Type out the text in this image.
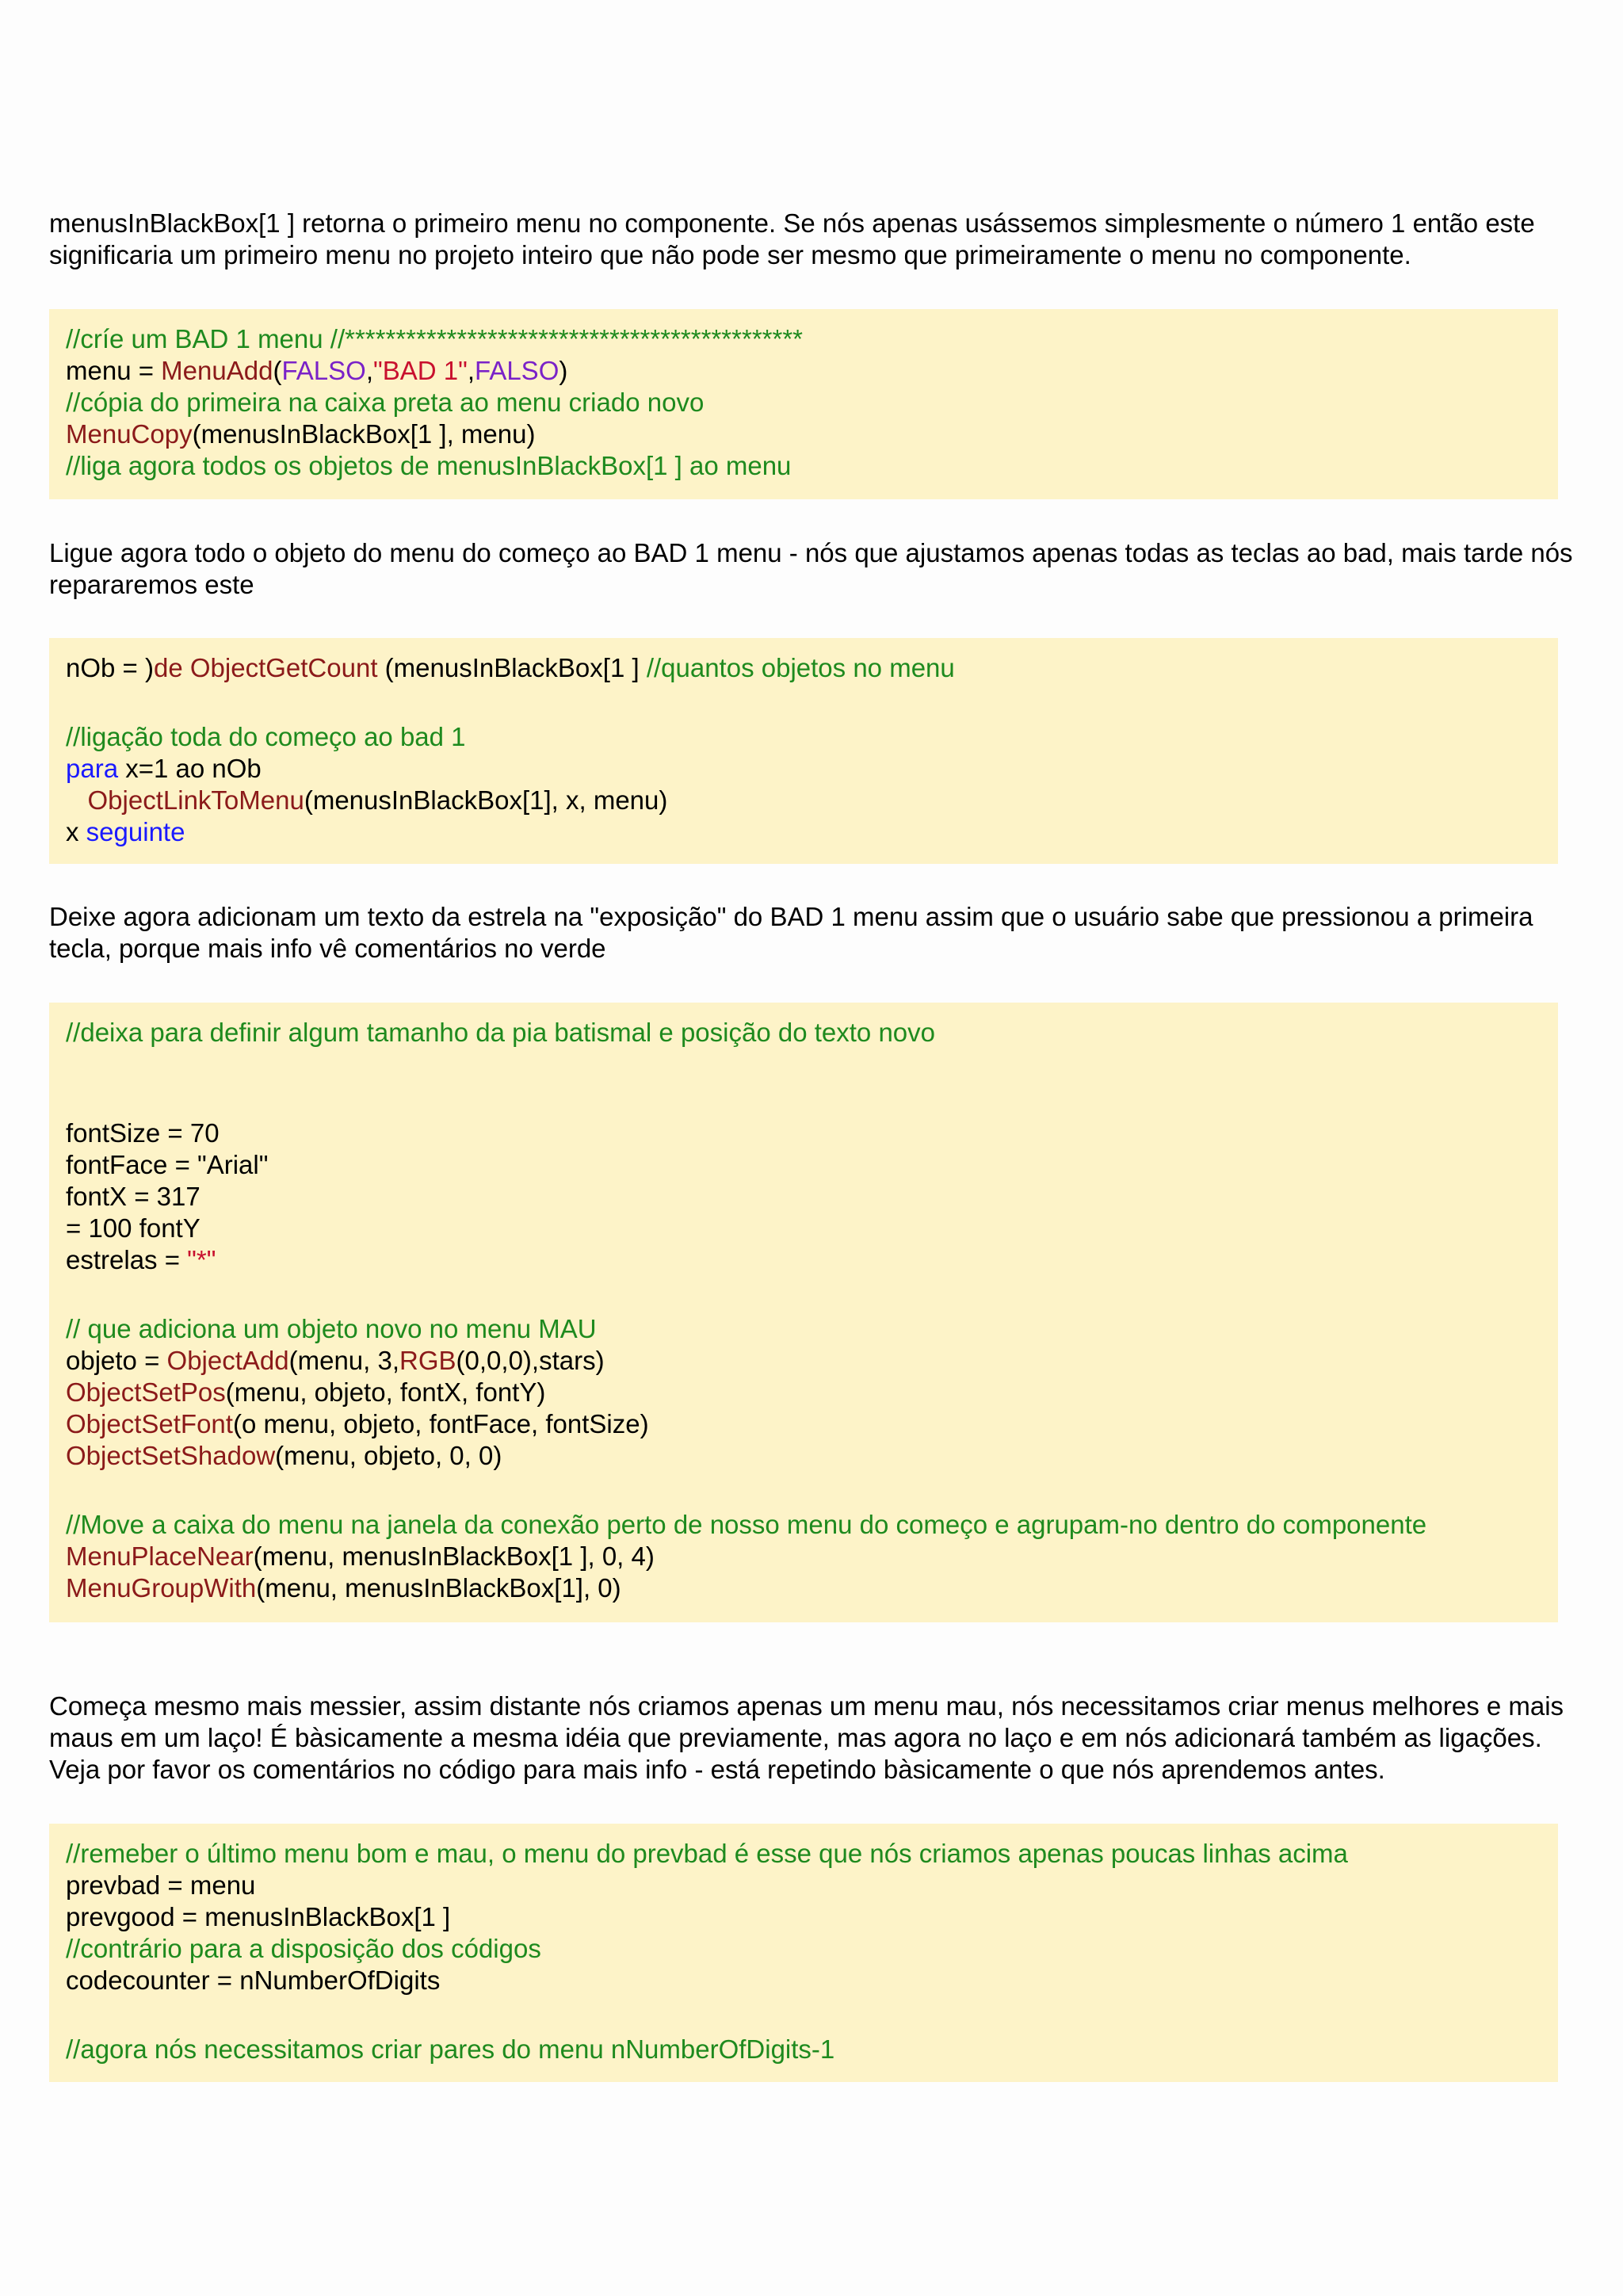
menusInBlackBox[1 ] retorna o primeiro menu no componente. Se nós apenas usássemos simplesmente o número 1 então este significaria um primeiro menu no projeto inteiro que não pode ser mesmo que primeiramente o menu no componente.

//críe um BAD 1 menu //*********************************************
menu = MenuAdd(FALSO,"BAD 1",FALSO)
//cópia do primeira na caixa preta ao menu criado novo
MenuCopy(menusInBlackBox[1 ], menu)
//liga agora todos os objetos de menusInBlackBox[1 ] ao menu

Ligue agora todo o objeto do menu do começo ao BAD 1 menu - nós que ajustamos apenas todas as teclas ao bad, mais tarde nós repararemos este

nOb = )de ObjectGetCount (menusInBlackBox[1 ] //quantos objetos no menu
//ligação toda do começo ao bad 1
para x=1 ao nOb
ObjectLinkToMenu(menusInBlackBox[1], x, menu)
x seguinte

Deixe agora adicionam um texto da estrela na "exposição" do BAD 1 menu assim que o usuário sabe que pressionou a primeira tecla, porque mais info vê comentários no verde

//deixa para definir algum tamanho da pia batismal e posição do texto novo
fontSize = 70
fontFace = "Arial"
fontX = 317
= 100 fontY
estrelas = "*"
// que adiciona um objeto novo no menu MAU
objeto = ObjectAdd(menu, 3,RGB(0,0,0),stars)
ObjectSetPos(menu, objeto, fontX, fontY)
ObjectSetFont(o menu, objeto, fontFace, fontSize)
ObjectSetShadow(menu, objeto, 0, 0)
//Move a caixa do menu na janela da conexão perto de nosso menu do começo e agrupam-no dentro do componente
MenuPlaceNear(menu, menusInBlackBox[1 ], 0, 4)
MenuGroupWith(menu, menusInBlackBox[1], 0)

Começa mesmo mais messier, assim distante nós criamos apenas um menu mau, nós necessitamos criar menus melhores e mais maus em um laço! É bàsicamente a mesma idéia que previamente, mas agora no laço e em nós adicionará também as ligações. Veja por favor os comentários no código para mais info - está repetindo bàsicamente o que nós aprendemos antes.

//remeber o último menu bom e mau, o menu do prevbad é esse que nós criamos apenas poucas linhas acima
prevbad = menu
prevgood = menusInBlackBox[1 ]
//contrário para a disposição dos códigos
codecounter = nNumberOfDigits
//agora nós necessitamos criar pares do menu nNumberOfDigits-1
